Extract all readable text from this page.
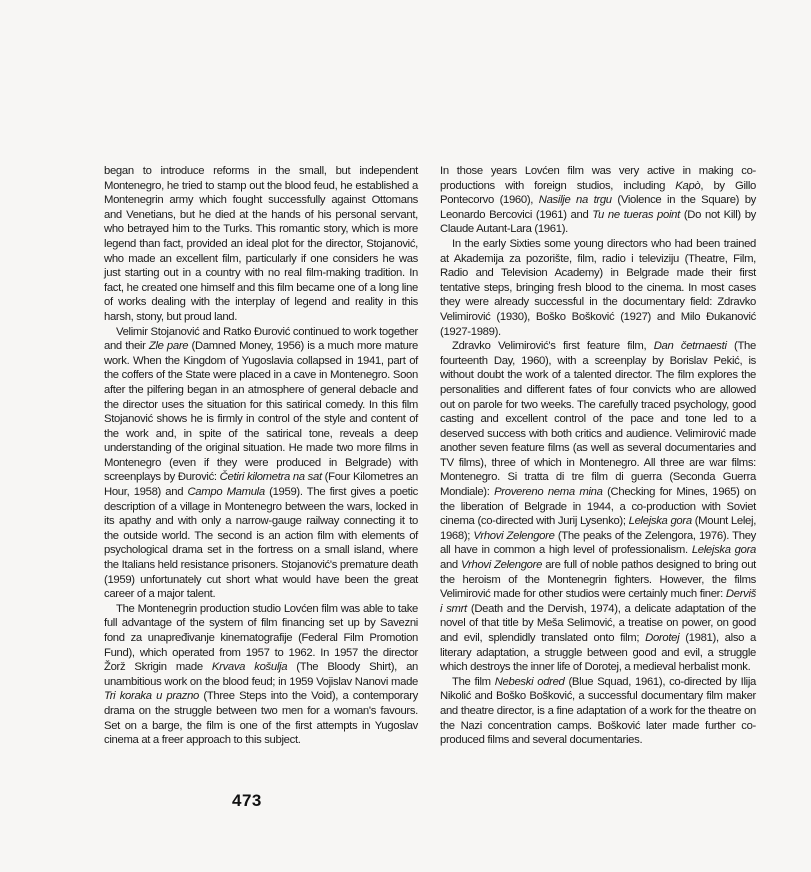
began to introduce reforms in the small, but independent Montenegro, he tried to stamp out the blood feud, he established a Montenegrin army which fought successfully against Ottomans and Venetians, but he died at the hands of his personal servant, who betrayed him to the Turks. This romantic story, which is more legend than fact, provided an ideal plot for the director, Stojanović, who made an excellent film, particularly if one considers he was just starting out in a country with no real film-making tradition. In fact, he created one himself and this film became one of a long line of works dealing with the interplay of legend and reality in this harsh, stony, but proud land.

Velimir Stojanović and Ratko Đurović continued to work together and their Zle pare (Damned Money, 1956) is a much more mature work. When the Kingdom of Yugoslavia collapsed in 1941, part of the coffers of the State were placed in a cave in Montenegro. Soon after the pilfering began in an atmosphere of general debacle and the director uses the situation for this satirical comedy. In this film Stojanović shows he is firmly in control of the style and content of the work and, in spite of the satirical tone, reveals a deep understanding of the original situation. He made two more films in Montenegro (even if they were produced in Belgrade) with screenplays by Đurović: Četiri kilometra na sat (Four Kilometres an Hour, 1958) and Campo Mamula (1959). The first gives a poetic description of a village in Montenegro between the wars, locked in its apathy and with only a narrow-gauge railway connecting it to the outside world. The second is an action film with elements of psychological drama set in the fortress on a small island, where the Italians held resistance prisoners. Stojanović's premature death (1959) unfortunately cut short what would have been the great career of a major talent.

The Montenegrin production studio Lovćen film was able to take full advantage of the system of film financing set up by Savezni fond za unapređivanje kinematografije (Federal Film Promotion Fund), which operated from 1957 to 1962. In 1957 the director Žorž Skrigin made Krvava košulja (The Bloody Shirt), an unambitious work on the blood feud; in 1959 Vojislav Nanovi made Tri koraka u prazno (Three Steps into the Void), a contemporary drama on the struggle between two men for a woman's favours. Set on a barge, the film is one of the first attempts in Yugoslav cinema at a freer approach to this subject.

In those years Lovćen film was very active in making co-productions with foreign studios, including Kapò, by Gillo Pontecorvo (1960), Nasilje na trgu (Violence in the Square) by Leonardo Bercovici (1961) and Tu ne tueras point (Do not Kill) by Claude Autant-Lara (1961).

In the early Sixties some young directors who had been trained at Akademija za pozorište, film, radio i televiziju (Theatre, Film, Radio and Television Academy) in Belgrade made their first tentative steps, bringing fresh blood to the cinema. In most cases they were already successful in the documentary field: Zdravko Velimirović (1930), Boško Bošković (1927) and Milo Đukanović (1927-1989).

Zdravko Velimirović's first feature film, Dan četrnaesti (The fourteenth Day, 1960), with a screenplay by Borislav Pekić, is without doubt the work of a talented director. The film explores the personalities and different fates of four convicts who are allowed out on parole for two weeks. The carefully traced psychology, good casting and excellent control of the pace and tone led to a deserved success with both critics and audience. Velimirović made another seven feature films (as well as several documentaries and TV films), three of which in Montenegro. All three are war films: Montenegro. Si tratta di tre film di guerra (Seconda Guerra Mondiale): Provereno nema mina (Checking for Mines, 1965) on the liberation of Belgrade in 1944, a co-production with Soviet cinema (co-directed with Jurij Lysenko); Lelejska gora (Mount Lelej, 1968); Vrhovi Zelengore (The peaks of the Zelengora, 1976). They all have in common a high level of professionalism. Lelejska gora and Vrhovi Zelengore are full of noble pathos designed to bring out the heroism of the Montenegrin fighters. However, the films Velimirović made for other studios were certainly much finer: Derviš i smrt (Death and the Dervish, 1974), a delicate adaptation of the novel of that title by Meša Selimović, a treatise on power, on good and evil, splendidly translated onto film; Dorotej (1981), also a literary adaptation, a struggle between good and evil, a struggle which destroys the inner life of Dorotej, a medieval herbalist monk.

The film Nebeski odred (Blue Squad, 1961), co-directed by Ilija Nikolić and Boško Bošković, a successful documentary film maker and theatre director, is a fine adaptation of a work for the theatre on the Nazi concentration camps. Bošković later made further co-produced films and several documentaries.

473
